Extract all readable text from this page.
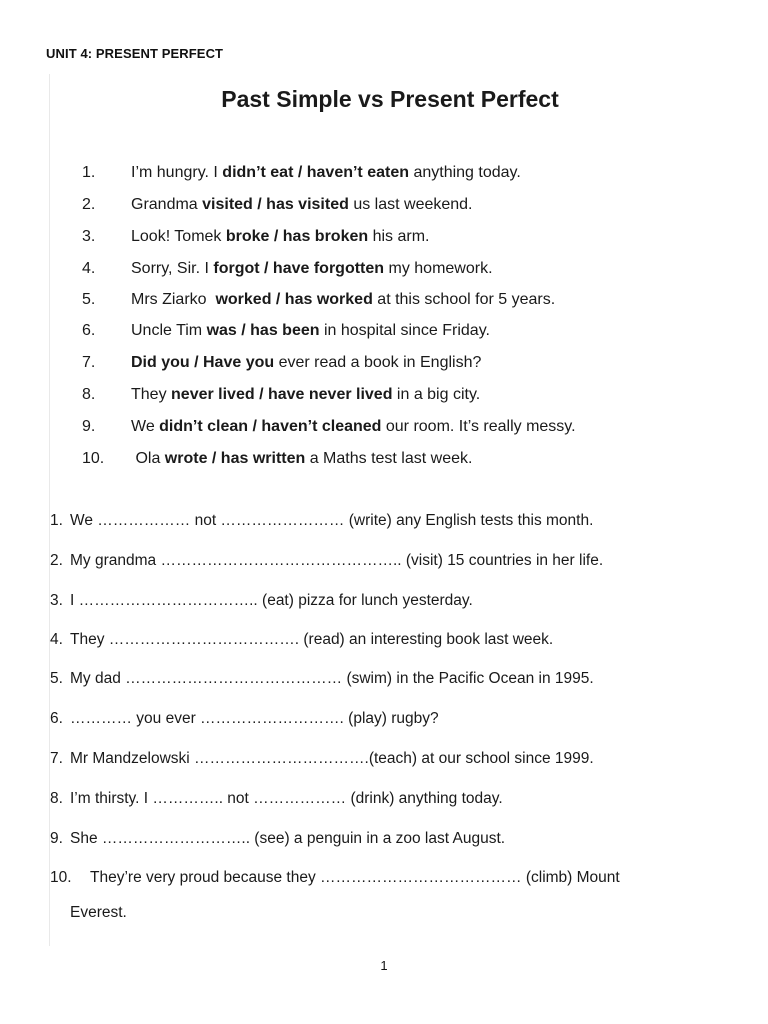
UNIT 4: PRESENT PERFECT
Past Simple vs Present Perfect
1.	I’m hungry. I didn’t eat / haven’t eaten anything today.
2.	Grandma visited / has visited us last weekend.
3.	Look! Tomek broke / has broken his arm.
4.	Sorry, Sir. I forgot / have forgotten my homework.
5.	Mrs Ziarko  worked / has worked at this school for 5 years.
6.	Uncle Tim was / has been in hospital since Friday.
7.	Did you / Have you ever read a book in English?
8.	They never lived / have never lived in a big city.
9.	We didn’t clean / haven’t cleaned our room. It’s really messy.
10.	Ola wrote / has written a Maths test last week.
1. We ……………… not …………………… (write) any English tests this month.
2. My grandma ……………………………………….. (visit) 15 countries in her life.
3. I …………………………….. (eat) pizza for lunch yesterday.
4. They ………………………………. (read) an interesting book last week.
5. My dad …………………………………… (swim) in the Pacific Ocean in 1995.
6. ………… you ever ………………………. (play) rugby?
7. Mr Mandzelowski …………………………….(teach) at our school since 1999.
8. I’m thirsty. I ………….. not ……………… (drink) anything today.
9. She ……………………….. (see) a penguin in a zoo last August.
10. They’re very proud because they ………………………………… (climb) Mount
Everest.
1
